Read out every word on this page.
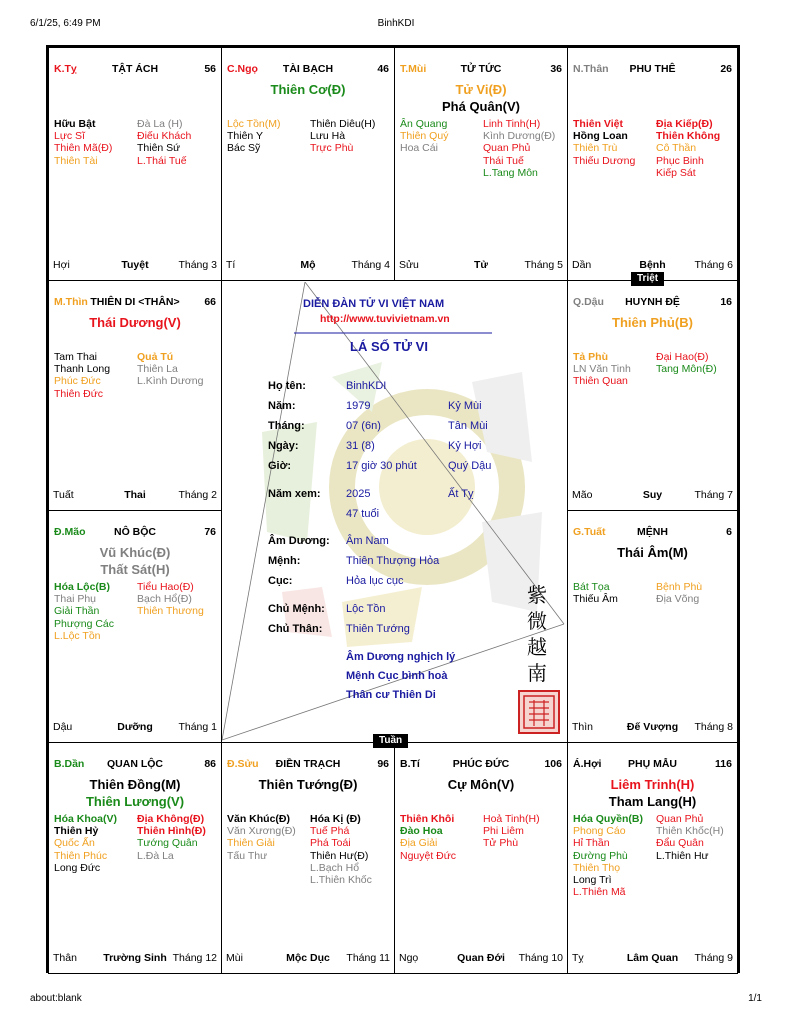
6/1/25, 6:49 PM	BinhKDI
TẬT ÁCH
K.Tỵ	56
Hữu Bật
Lực Sĩ
Thiên Mã(Đ)
Thiên Tài
Đà La (H)
Điếu Khách
Thiên Sứ
L.Thái Tuế
Tuyệt
Hợi	Tháng 3
TÀI BẠCH
C.Ngọ	46
Thiên Cơ(Đ)
Lộc Tồn(M)
Thiên Y
Bác Sỹ
Thiên Diêu(H)
Lưu Hà
Trực Phù
Mộ
Tí	Tháng 4
TỬ TỨC
T.Mùi	36
Tử Vi(Đ)
Phá Quân(V)
Ân Quang
Thiên Quý
Hoa Cái
Linh Tinh(H)
Kình Dương(Đ)
Quan Phủ
Thái Tuế
L.Tang Môn
Tử
Sửu	Tháng 5
PHU THÊ
N.Thân	26
Thiên Việt
Hồng Loan
Thiên Trù
Thiếu Dương
Địa Kiếp(Đ)
Thiên Không
Cô Thần
Phục Binh
Kiếp Sát
Bệnh
Dần	Tháng 6
THIÊN DI <THÂN>
M.Thìn	66
Thái Dương(V)
Tam Thai
Thanh Long
Phúc Đức
Thiên Đức
Quả Tú
Thiên La
L.Kình Dương
Thai
Tuất	Tháng 2
HUYNH ĐỆ
Q.Dậu	16
Thiên Phủ(B)
Tả Phù
LN Văn Tinh
Thiên Quan
Đại Hao(Đ)
Tang Môn(Đ)
Suy
Mão	Tháng 7
NÔ BỘC
Đ.Mão	76
Vũ Khúc(Đ)
Thất Sát(H)
Hóa Lộc(B)
Thai Phụ
Giải Thần
Phượng Các
L.Lộc Tồn
Tiểu Hao(Đ)
Bạch Hổ(Đ)
Thiên Thương
Dưỡng
Dậu	Tháng 1
MỆNH
G.Tuất	6
Thái Âm(M)
Bát Tọa
Thiếu Âm
Bệnh Phù
Địa Võng
Đế Vượng
Thìn	Tháng 8
QUAN LỘC
B.Dần	86
Thiên Đồng(M)
Thiên Lương(V)
Hóa Khoa(V)
Thiên Hỷ
Quốc Ấn
Thiên Phúc
Long Đức
Địa Không(Đ)
Thiên Hình(Đ)
Tướng Quân
L.Đà La
Trường Sinh
Thân	Tháng 12
ĐIỀN TRẠCH
Đ.Sửu	96
Thiên Tướng(Đ)
Văn Khúc(Đ)
Văn Xương(Đ)
Thiên Giải
Tấu Thư
Hóa Kị (Đ)
Tuế Phá
Phá Toái
Thiên Hư(Đ)
L.Bạch Hổ
L.Thiên Khốc
Mộc Dục
Mùi	Tháng 11
PHÚC ĐỨC
B.Tí	106
Cự Môn(V)
Thiên Khôi
Đào Hoa
Địa Giải
Nguyệt Đức
Hoả Tinh(H)
Phi Liêm
Tử Phù
Quan Đới
Ngọ	Tháng 10
PHỤ MẪU
Á.Hợi	116
Liêm Trinh(H)
Tham Lang(H)
Hóa Quyền(B)
Phong Cáo
Hỉ Thần
Đường Phù
Thiên Thọ
Long Trì
L.Thiên Mã
Quan Phủ
Thiên Khốc(H)
Đẩu Quân
L.Thiên Hư
Lâm Quan
Tỵ	Tháng 9
DIỄN ĐÀN TỬ VI VIỆT NAM
http://www.tuvivietnam.vn
LÁ SỐ TỬ VI
Họ tên:	BinhKDI
Năm:	1979	Kỷ Mùi
Tháng:	07 (6n)	Tân Mùi
Ngày:	31 (8)	Kỷ Hợi
Giờ:	17 giờ 30 phút	Quý Dậu
Năm xem: 2025	Ất Tỵ
47 tuổi
Âm Dương: Âm Nam
Mệnh:	Thiên Thượng Hỏa
Cục:	Hỏa lục cục
Chủ Mệnh: Lộc Tồn
Chủ Thân: Thiên Tướng
Âm Dương nghịch lý
Mệnh Cục bình hoà
Thân cư Thiên Di
紫
微
越
南
Triệt
Tuần
about:blank	1/1
